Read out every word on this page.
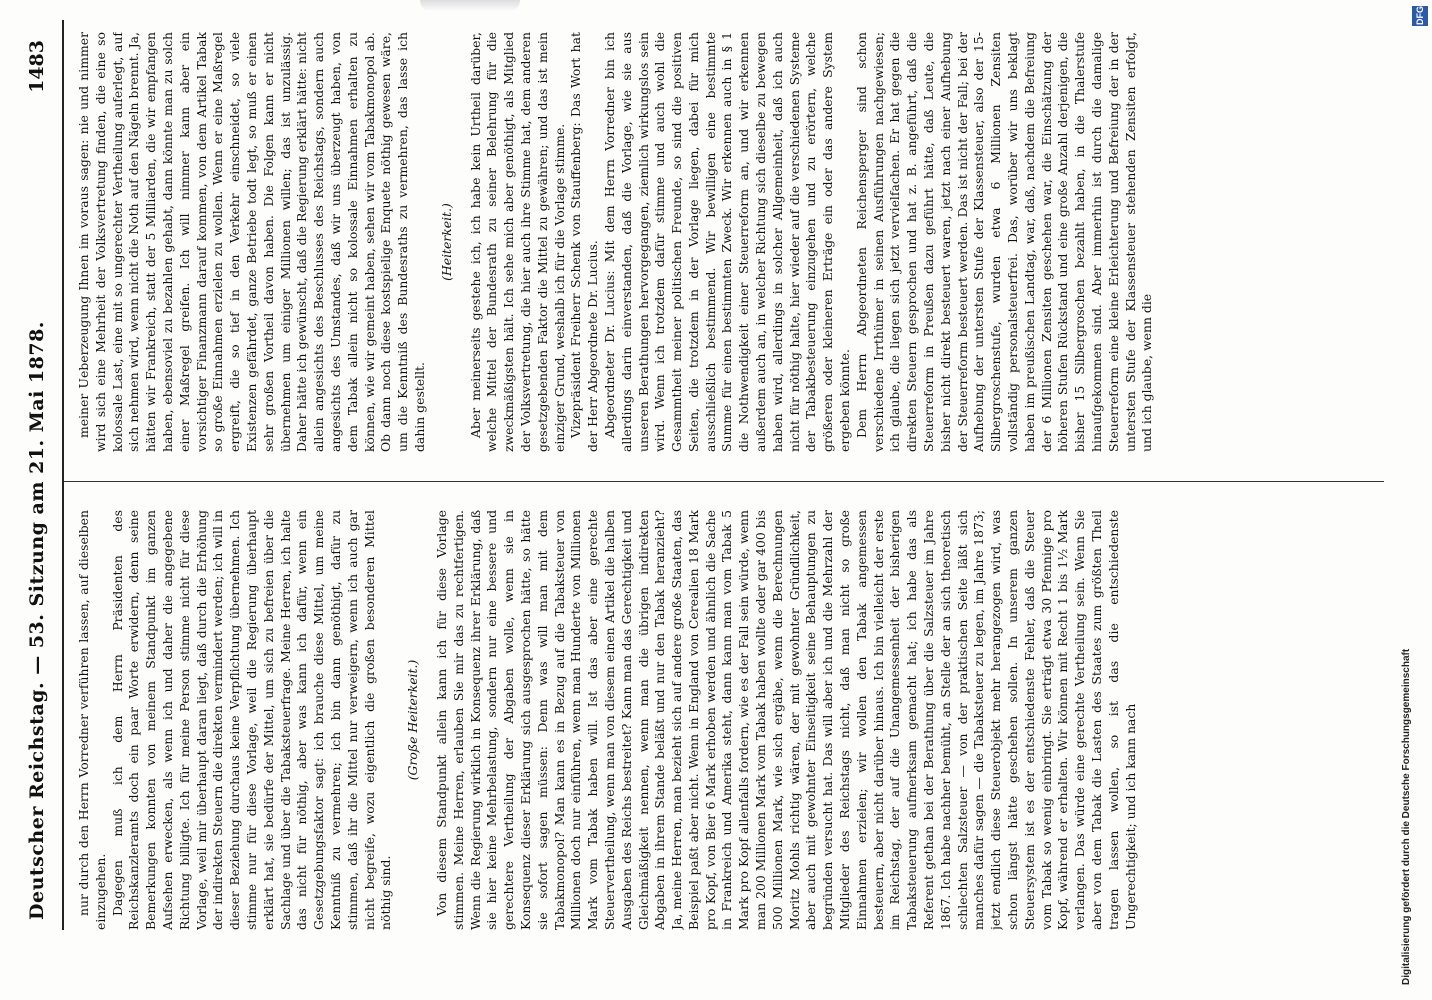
Deutscher Reichstag. — 53. Sitzung am 21. Mai 1878.
1483

nur durch den Herrn Vorredner verführen lassen, auf dieselben einzugehen. Dagegen muß ich dem Herrn Präsidenten des Reichskanzleramts doch ein paar Worte erwidern, denn seine Bemerkungen konnten von meinem Standpunkt im ganzen Aufsehen erwecken, als wenn ich und daher die angegebene Richtung billigte. Ich für meine Person stimme nicht für diese Vorlage, weil mir überhaupt daran liegt, daß durch die Erhöhung der indirekten Steuern die direkten vermindert werden; ich will in dieser Beziehung durchaus keine Verpflichtung übernehmen. Ich stimme nur für diese Vorlage, weil die Regierung überhaupt erklärt hat, sie bedürfe der Mittel, um sich zu befreien über die Sachlage und über die Tabaksteuerfrage. Meine Herren, ich halte das nicht für nöthig, aber was kann ich dafür, wenn ein Gesetzgebungsfaktor sagt: ich brauche diese Mittel, um meine Kenntniß zu vermehren; ich bin dann genöthigt, dafür zu stimmen, daß ihr die Mittel nur verweigern, wenn ich auch gar nicht begreife, wozu eigentlich die großen besonderen Mittel nöthig sind.

(Große Heiterkeit.) Von diesem Standpunkt allein kann ich für diese Vorlage stimmen. Meine Herren, erlauben Sie mir das zu rechtfertigen. Wenn die Regierung wirklich in Konsequenz ihrer Erklärung, daß sie hier keine Mehrbelastung, sondern nur eine bessere und gerechtere Vertheilung der Abgaben wolle, wenn sie in Konsequenz dieser Erklärung sich ausgesprochen hätte, so hätte sie sofort sagen müssen: Denn was will man mit dem Tabakmonopol? Man kann es in Bezug auf die Tabaksteuer von Millionen doch nur einführen, wenn man Hunderte von Millionen Mark vom Tabak haben will. Ist das aber eine gerechte Steuervertheilung, wenn man von diesem einen Artikel die halben Ausgaben des Reichs bestreitet? Kann man das Gerechtigkeit und Gleichmäßigkeit nennen, wenn man die übrigen indirekten Abgaben in ihrem Stande beläßt und nur den Tabak heranzieht? Ja, meine Herren, man bezieht sich auf andere große Staaten, das Beispiel paßt aber nicht. Wenn in England von Cerealien 18 Mark pro Kopf, von Bier 6 Mark erhoben werden und ähnlich die Sache in Frankreich und Amerika steht, dann kann man vom Tabak 5 Mark pro Kopf allenfalls fordern, wie es der Fall sein würde, wenn man 200 Millionen Mark vom Tabak haben wollte oder gar 400 bis 500 Millionen Mark, wie sich ergäbe, wenn die Berechnungen Moritz Mohls richtig wären, der mit gewohnter Gründlichkeit, aber auch mit gewohnter Einseitigkeit seine Behauptungen zu begründen versucht hat. Das will aber ich und die Mehrzahl der Mitglieder des Reichstags nicht, daß man nicht so große Einnahmen erzielen; wir wollen den Tabak angemessen besteuern, aber nicht darüber hinaus. Ich bin vielleicht der erste im Reichstag, der auf die Unangemessenheit der bisherigen Tabaksteuerung aufmerksam gemacht hat; ich habe das als Referent gethan bei der Berathung über die Salzsteuer im Jahre 1867. Ich habe nachher bemüht, an Stelle der an sich theoretisch schlechten Salzsteuer — von der praktischen Seite läßt sich manches dafür sagen — die Tabaksteuer zu legen, im Jahre 1873; jetzt endlich diese Steuerobjekt mehr herangezogen wird, was schon längst hätte geschehen sollen. In unserem ganzen Steuersystem ist es der entschiedenste Fehler, daß die Steuer vom Tabak so wenig einbringt. Sie erträgt etwa 30 Pfennige pro Kopf, während er erhalten. Wir können mit Recht 1 bis 1½ Mark verlangen. Das würde eine gerechte Vertheilung sein. Wenn Sie aber von dem Tabak die Lasten des Staates zum größten Theil tragen lassen wollen, so ist das die entschiedenste Ungerechtigkeit; und ich kann nach

meiner Ueberzeugung Ihnen im voraus sagen: nie und nimmer wird sich eine Mehrheit der Volksvertretung finden, die eine so kolossale Last, eine mit so ungerechter Vertheilung auferlegt, auf sich nehmen wird, wenn nicht die Noth auf den Nägeln brennt. Ja, hätten wir Frankreich, statt der 5 Milliarden, die wir empfangen haben, ebensoviel zu bezahlen gehabt, dann könnte man zu solch einer Maßregel greifen. Ich will nimmer kann aber ein vorsichtiger Finanzmann darauf kommen, von dem Artikel Tabak so große Einnahmen erzielen zu wollen. Wenn er eine Maßregel ergreift, die so tief in den Verkehr einschneidet, so viele Existenzen gefährdet, ganze Betriebe todt legt, so muß er einen sehr großen Vortheil davon haben. Die Folgen kann er nicht übernehmen um einiger Millionen willen; das ist unzulässig. Daher hätte ich gewünscht, daß die Regierung erklärt hätte: nicht allein angesichts des Beschlusses des Reichstags, sondern auch angesichts des Umstandes, daß wir uns überzeugt haben, von dem Tabak allein nicht so kolossale Einnahmen erhalten zu können, wie wir gemeint haben, sehen wir vom Tabakmonopol ab. Ob dann noch diese kostspielige Enquete nöthig gewesen wäre, um die Kenntniß des Bundesraths zu vermehren, das lasse ich dahin gestellt.

(Heiterkeit.) Aber meinerseits gestehe ich, ich habe kein Urtheil darüber, welche Mittel der Bundesrath zu seiner Belehrung für die zweckmäßigsten hält. Ich sehe mich aber genöthigt, als Mitglied der Volksvertretung, die hier auch ihre Stimme hat, dem anderen gesetzgebenden Faktor die Mittel zu gewähren; und das ist mein einziger Grund, weshalb ich für die Vorlage stimme. Vizepräsident Freiherr Schenk von Stauffenberg: Das Wort hat der Herr Abgeordnete Dr. Lucius. Abgeordneter Dr. Lucius: Mit dem Herrn Vorredner bin ich allerdings darin einverstanden, daß die Vorlage, wie sie aus unseren Berathungen hervorgegangen, ziemlich wirkungslos sein wird. Wenn ich trotzdem dafür stimme und auch wohl die Gesammtheit meiner politischen Freunde, so sind die positiven Seiten, die trotzdem in der Vorlage liegen, dabei für mich ausschließlich bestimmend. Wir bewilligen eine bestimmte Summe für einen bestimmten Zweck. Wir erkennen auch in § 1 die Nothwendigkeit einer Steuerreform an, und wir erkennen außerdem auch an, in welcher Richtung sich dieselbe zu bewegen haben wird, allerdings in solcher Allgemeinheit, daß ich auch nicht für nöthig halte, hier wieder auf die verschiedenen Systeme der Tabakbesteuerung einzugehen und zu erörtern, welche größeren oder kleineren Erträge ein oder das andere System ergeben könnte. Dem Herrn Abgeordneten Reichensperger sind schon verschiedene Irrthümer in seinen Ausführungen nachgewiesen; ich glaube, die liegen sich jetzt vervielfachen. Er hat gegen die direkten Steuern gesprochen und hat z. B. angeführt, daß die Steuerreform in Preußen dazu geführt hätte, daß Leute, die bisher nicht direkt besteuert waren, jetzt nach einer Aufhebung der Steuerreform besteuert werden. Das ist nicht der Fall; bei der Aufhebung der untersten Stufe der Klassensteuer, also der 15-Silbergroschenstufe, wurden etwa 6 Millionen Zensiten vollständig personalsteuerfrei. Das, worüber wir uns beklagt haben im preußischen Landtag, war, daß, nachdem die Befreiung der 6 Millionen Zensiten geschehen war, die Einschätzung der höheren Stufen Rückstand und eine große Anzahl derjenigen, die bisher 15 Silbergroschen bezahlt haben, in die Thalerstufe hinaufgekommen sind. Aber immerhin ist durch die damalige Steuerreform eine kleine Erleichterung und Befreiung der in der untersten Stufe der Klassensteuer stehenden Zensiten erfolgt, und ich glaube, wenn die

Digitalisierung gefördert durch die Deutsche Forschungsgemeinschaft
DFG
